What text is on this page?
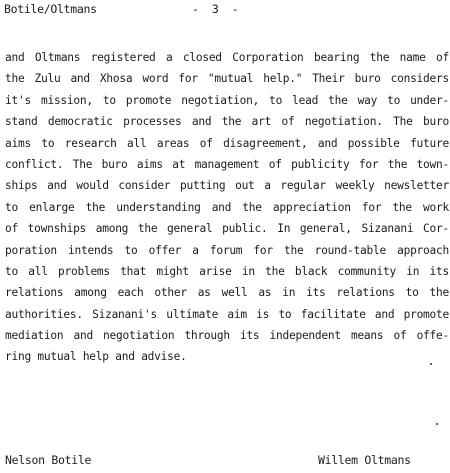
Botile/Oltmans	- 3 -
and Oltmans registered a closed Corporation bearing the name of
the Zulu and Xhosa word for "mutual help." Their buro considers
it's mission, to promote negotiation, to lead the way to under-
stand democratic processes and the art of negotiation. The buro
aims to research all areas of disagreement, and possible future
conflict. The buro aims at management of publicity for the town-
ships and would consider putting out a regular weekly newsletter
to enlarge the understanding and the appreciation for the work
of townships among the general public. In general, Sizanani Cor-
poration intends to offer a forum for the round-table approach
to all problems that might arise in the black community in its
relations among each other as well as in its relations to the
authorities. Sizanani's ultimate aim is to facilitate and promote
mediation and negotiation through its independent means of offe-
ring mutual help and advise.
Nelson Botile	Willem Oltmans
